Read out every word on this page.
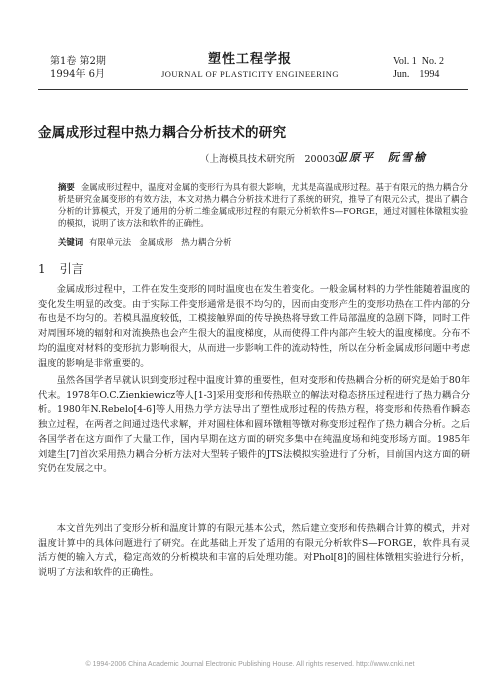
第1卷 第2期
1994年 6月
塑性工程学报
JOURNAL OF PLASTICITY ENGINEERING
Vol. 1 No. 2
Jun. 1994
金属成形过程中热力耦合分析技术的研究
（上海模具技术研究所　200030）
卫原平　阮雪榆
摘要 金属成形过程中，温度对金属的变形行为具有很大影响，尤其是高温成形过程。基于有限元的热力耦合分析是研究金属变形的有效方法，本文对热力耦合分析技术进行了系统的研究，推导了有限元公式，提出了耦合分析的计算模式，开发了通用的分析二维金属成形过程的有限元分析软件S—FORGE，通过对圆柱体镦粗实验的模拟，说明了该方法和软件的正确性。
关键词 有限单元法　金属成形　热力耦合分析
1 引言

金属成形过程中，工件在发生变形的同时温度也在发生着变化。一般金属材料的力学性能随着温度的变化发生明显的改变。由于实际工件变形通常是很不均匀的，因而由变形产生的变形功热在工件内部的分布也是不均匀的。若模具温度较低，工模接触界面的传导换热将导致工件局部温度的急剧下降，同时工件对周围环境的辐射和对流换热也会产生很大的温度梯度，从而使得工件内部产生较大的温度梯度。分布不均的温度对材料的变形抗力影响很大，从而进一步影响工件的流动特性，所以在分析金属成形问题中考虑温度的影响是非常重要的。

虽然各国学者早就认识到变形过程中温度计算的重要性，但对变形和传热耦合分析的研究是始于80年代末。1978年O.C.Zienkiewicz等人[1-3]采用变形和传热联立的解法对稳态挤压过程进行了热力耦合分析。1980年N.Rebelo[4-6]等人用热力学方法导出了塑性成形过程的传热方程，将变形和传热看作瞬态独立过程，在两者之间通过迭代求解，并对圆柱体和圆环镦粗等镦对称变形过程作了热力耦合分析。之后各国学者在这方面作了大量工作，国内早期在这方面的研究多集中在纯温度场和纯变形场方面。1985年刘建生[7]首次采用热力耦合分析方法对大型转子锻件的JTS法模拟实验进行了分析，目前国内这方面的研究仍在发展之中。

本文首先列出了变形分析和温度计算的有限元基本公式，然后建立变形和传热耦合计算的模式，并对温度计算中的具体问题进行了研究。在此基础上开发了适用的有限元分析软件S—FORGE，软件具有灵活方便的输入方式，稳定高效的分析模块和丰富的后处理功能。对Phol[8]的圆柱体镦粗实验进行分析，说明了方法和软件的正确性。

© 1994-2006 China Academic Journal Electronic Publishing House. All rights reserved. http://www.cnki.net
